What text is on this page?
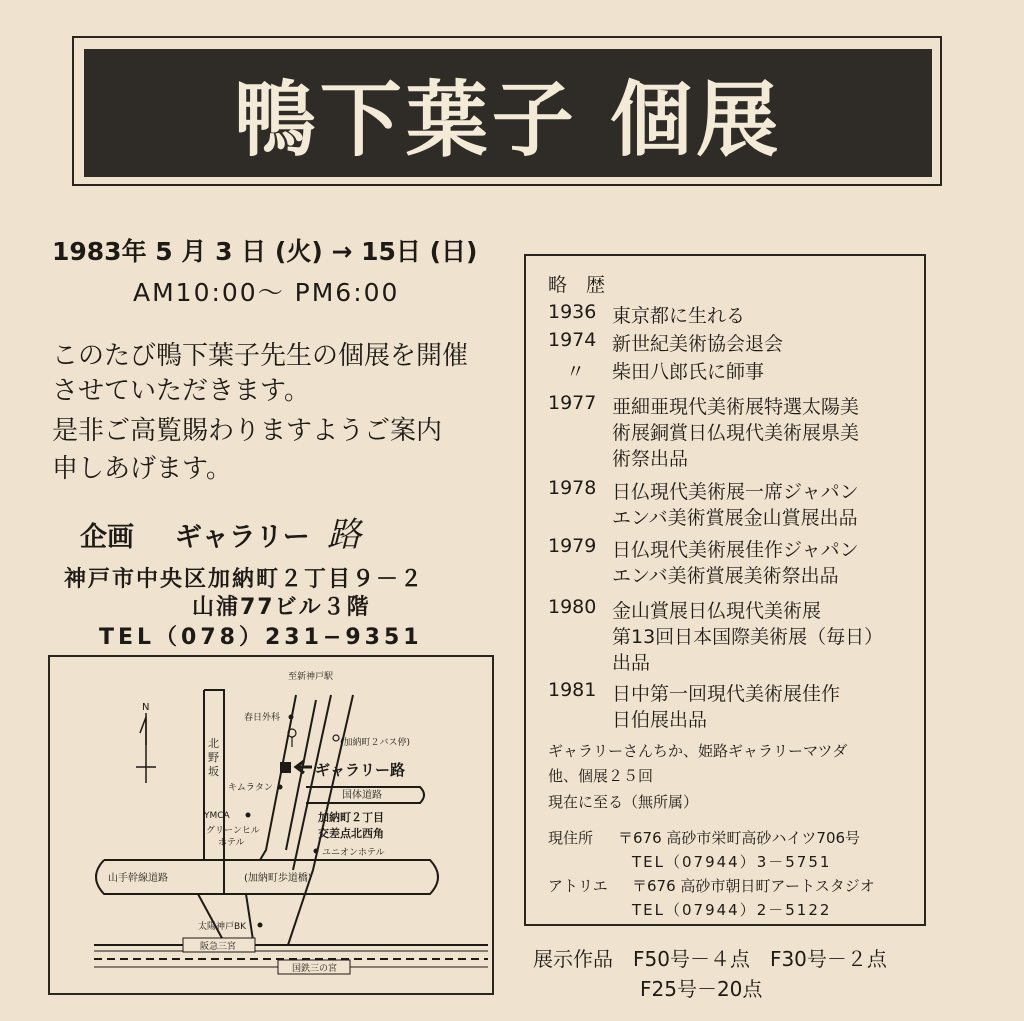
鴨下葉子 個展
1983年 5 月 3 日 (火) → 15日 (日)
AM10:00〜 PM6:00
このたび鴨下葉子先生の個展を開催
させていただきます。
是非ご高覧賜わりますようご案内
申しあげます。
企画 ギャラリー 路
神戸市中央区加納町２丁目９－２
山浦77ビル３階
TEL（078）231−9351
略　歴
1936 東京都に生れる
1974 新世紀美術協会退会
〃 柴田八郎氏に師事
1977 亜細亜現代美術展特選太陽美
術展銅賞日仏現代美術展県美
術祭出品
1978 日仏現代美術展一席ジャパン
エンバ美術賞展金山賞展出品
1979 日仏現代美術展佳作ジャパン
エンバ美術賞展美術祭出品
1980 金山賞展日仏現代美術展
第13回日本国際美術展（毎日）
出品
1981 日中第一回現代美術展佳作
日伯展出品
ギャラリーさんちか、姫路ギャラリーマツダ
他、個展２５回
現在に至る（無所属）
現住所 〒676 高砂市栄町高砂ハイツ706号
TEL（07944）3－5751
アトリエ 〒676 高砂市朝日町アートスタジオ
TEL（07944）2－5122
展示作品　F50号－４点　F30号－２点
F25号－20点
N
ギャラリー路
至新神戸駅
北
野
坂
春日外科
(加納町２バス停)
キムラタン
国体道路
YMCA
グリーンヒル
ホテル
加納町２丁目
交差点北西角
ユニオンホテル
山手幹線道路	(加納町歩道橋)
太陽神戸BK
阪急三宮
国鉄三の宮
